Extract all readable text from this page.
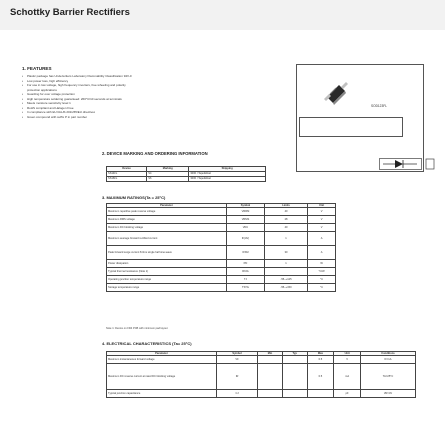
Schottky Barrier Rectifiers
1. FEATURES
•	Plastic package has Underwriters Laboratory Flammability Classification 94V-0
•	Low power loss, high efficiency
•	For use in low voltage, high frequency inverters, free wheeling and polarity
protection applications
•	Guarding for over voltage protection
•	High temperature soldering guaranteed: 260°C/10 seconds at terminals
•	Meets moisture sensitivity level 1
•	RoHS compliant and Halogen Free
•	In compliance with EU RoHS 2011/65/EU directives
•	Green compound with suffix P in part number
SOD123FL
2. DEVICE MARKING AND ORDERING INFORMATION
Device	Marking	Shipping
SS14FL	S4	3000 / Tape&Reel
SS16FL	S6	3000 / Tape&Reel
3. MAXIMUM RATINGS(Ta = 25°C)
Parameter	Symbol	Limits	Unit
Maximum repetitive peak reverse voltage	VRRM	40	V
Maximum RMS voltage	VRMS	28	V
Maximum DC blocking voltage	VDC	40	V
Maximum average forward rectified current	IF(AV)	1	A
Peak forward surge current 8.3ms single half sine-wave	IFSM	30	A
Power dissipation	PD	1	W
Typical thermal resistance (Note 1)	RθJA		°C/W
Operating junction temperature range	TJ	-55~+125	°C
Storage temperature range	TSTG	-55~+150	°C
Note 1: Device on FR4 PCB with minimum pad layout
4. ELECTRICAL CHARACTERISTICS (Ta= 25°C)
Parameter	Symbol	Min	Typ	Max	Unit	Conditions
Maximum instantaneous forward voltage	VF			0.5	V	IF=1A
Maximum DC reverse current at rated DC blocking voltage	IR			0.5	mA	TA=25°C
Typical junction capacitance	CJ				pF	VR=4V
